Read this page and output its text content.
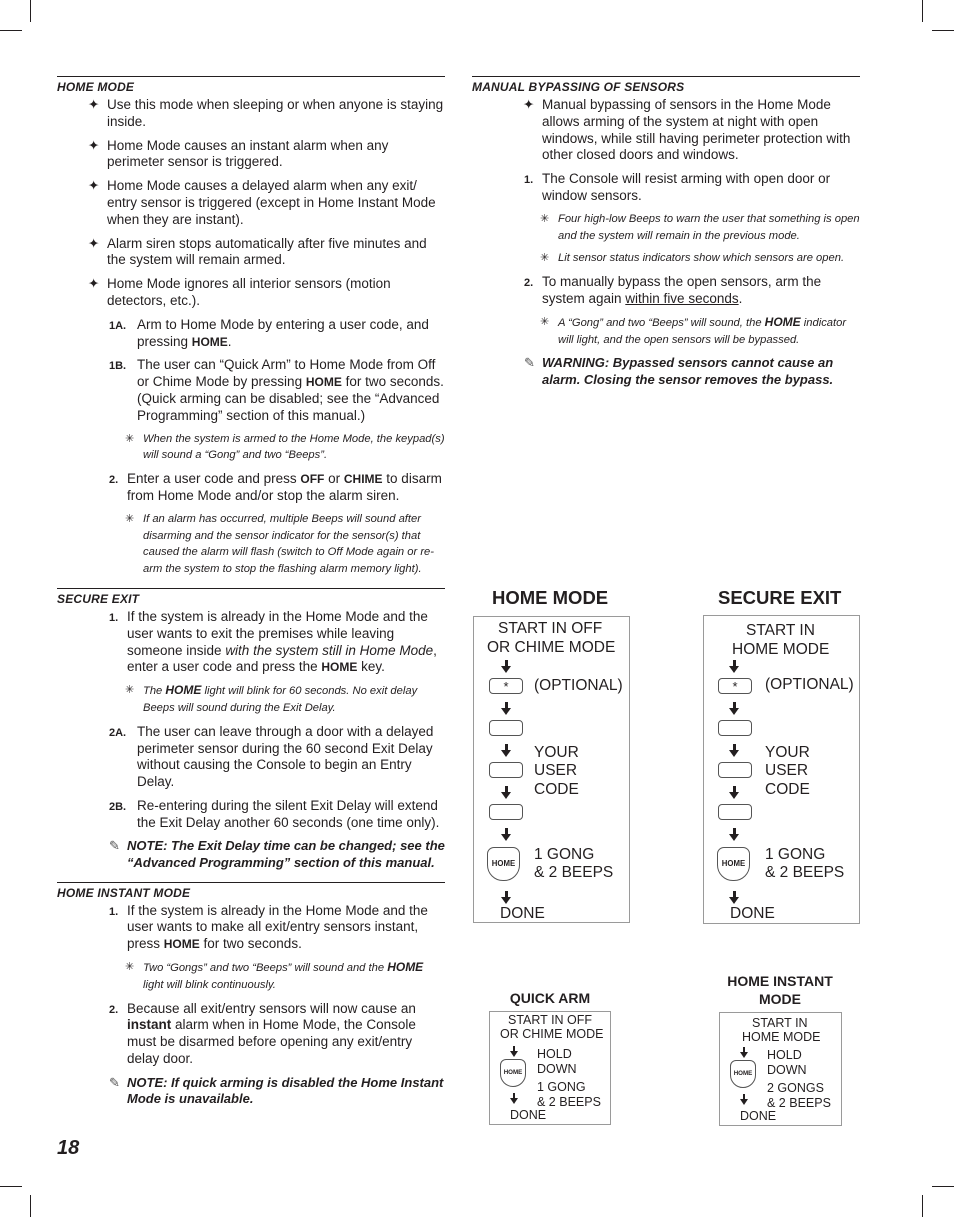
HOME MODE
✦ Use this mode when sleeping or when anyone is staying inside.
✦ Home Mode causes an instant alarm when any perimeter sensor is triggered.
✦ Home Mode causes a delayed alarm when any exit/ entry sensor is triggered (except in Home Instant Mode when they are instant).
✦ Alarm siren stops automatically after five minutes and the system will remain armed.
✦ Home Mode ignores all interior sensors (motion detectors, etc.).
1A. Arm to Home Mode by entering a user code, and pressing HOME.
1B. The user can “Quick Arm” to Home Mode from Off or Chime Mode by pressing HOME for two seconds. (Quick arming can be disabled; see the “Advanced Programming” section of this manual.)
✳ When the system is armed to the Home Mode, the keypad(s) will sound a “Gong” and two “Beeps”.
2. Enter a user code and press OFF or CHIME to disarm from Home Mode and/or stop the alarm siren.
✳ If an alarm has occurred, multiple Beeps will sound after disarming and the sensor indicator for the sensor(s) that caused the alarm will flash (switch to Off Mode again or re-arm the system to stop the flashing alarm memory light).
SECURE EXIT
1. If the system is already in the Home Mode and the user wants to exit the premises while leaving someone inside with the system still in Home Mode, enter a user code and press the HOME key.
✳ The HOME light will blink for 60 seconds. No exit delay Beeps will sound during the Exit Delay.
2A. The user can leave through a door with a delayed perimeter sensor during the 60 second Exit Delay without causing the Console to begin an Entry Delay.
2B. Re-entering during the silent Exit Delay will extend the Exit Delay another 60 seconds (one time only).
✎ NOTE: The Exit Delay time can be changed; see the “Advanced Programming” section of this manual.
HOME INSTANT MODE
1. If the system is already in the Home Mode and the user wants to make all exit/entry sensors instant, press HOME for two seconds.
✳ Two “Gongs” and two “Beeps” will sound and the HOME light will blink continuously.
2. Because all exit/entry sensors will now cause an instant alarm when in Home Mode, the Console must be disarmed before opening any exit/entry delay door.
✎ NOTE: If quick arming is disabled the Home Instant Mode is unavailable.
MANUAL BYPASSING OF SENSORS
✦ Manual bypassing of sensors in the Home Mode allows arming of the system at night with open windows, while still having perimeter protection with other closed doors and windows.
1. The Console will resist arming with open door or window sensors.
✳ Four high-low Beeps to warn the user that something is open and the system will remain in the previous mode.
✳ Lit sensor status indicators show which sensors are open.
2. To manually bypass the open sensors, arm the system again within five seconds.
✳ A “Gong” and two “Beeps” will sound, the HOME indicator will light, and the open sensors will be bypassed.
✎ WARNING: Bypassed sensors cannot cause an alarm. Closing the sensor removes the bypass.
HOME MODE
START IN OFF
OR CHIME MODE
*	(OPTIONAL)
YOUR
USER
CODE
HOME
1 GONG
& 2 BEEPS
DONE
SECURE EXIT
START IN
HOME MODE
*	(OPTIONAL)
YOUR
USER
CODE
HOME
1 GONG
& 2 BEEPS
DONE
QUICK ARM
START IN OFF
OR CHIME MODE
HOLD
DOWN
HOME
1 GONG
& 2 BEEPS
DONE
HOME INSTANT
MODE
START IN
HOME MODE
HOLD
DOWN
HOME
2 GONGS
& 2 BEEPS
DONE
18
